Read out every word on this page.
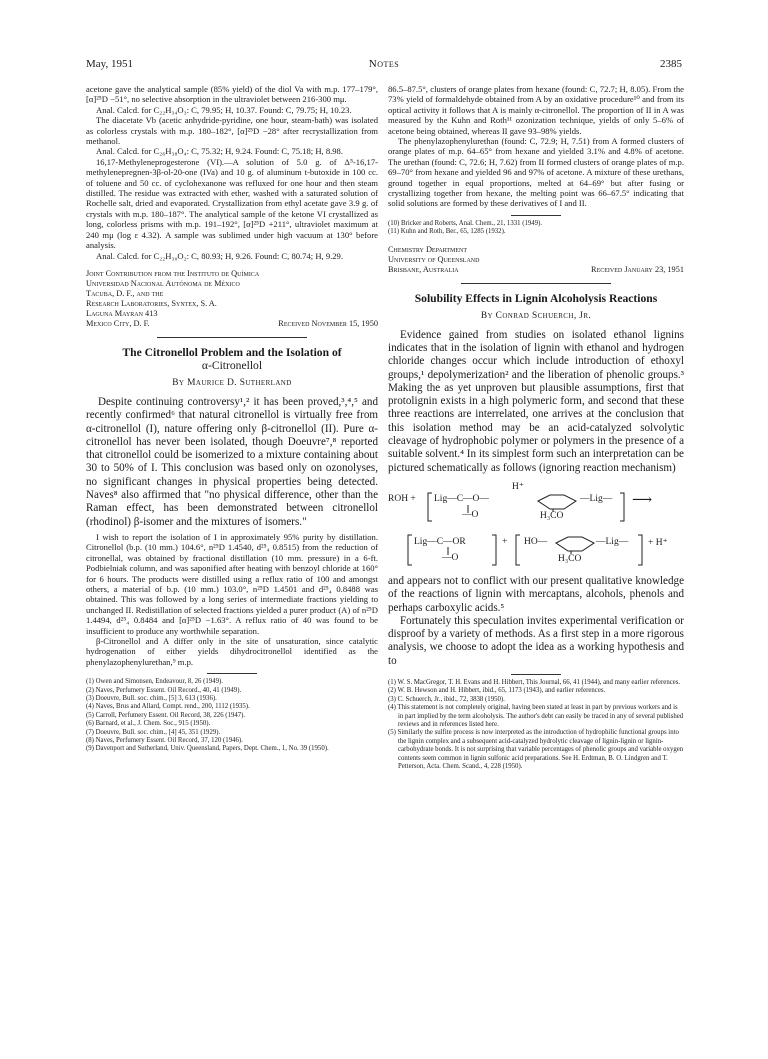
May, 1951	Notes	2385

acetone gave the analytical sample (85% yield) of the diol Va with m.p. 177–179°, [α]²⁵D −51°, no selective absorption in the ultraviolet between 216-300 mμ.

Anal. Calcd. for C₂₂H₃₄O₃: C, 79.95; H, 10.37. Found: C, 79.75; H, 10.23.

The diacetate Vb (acetic anhydride-pyridine, one hour, steam-bath) was isolated as colorless crystals with m.p. 180–182°, [α]²⁵D −28° after recrystallization from methanol.

Anal. Calcd. for C₂₆H₃₈O₄: C, 75.32; H, 9.24. Found: C, 75.18; H, 8.98.

16,17-Methyleneprogesterone (VI).—A solution of 5.0 g. of Δ⁵-16,17-methylenepregnen-3β-ol-20-one (IVa) and 10 g. of aluminum t-butoxide in 100 cc. of toluene and 50 cc. of cyclohexanone was refluxed for one hour and then steam distilled. The residue was extracted with ether, washed with a saturated solution of Rochelle salt, dried and evaporated. Crystallization from ethyl acetate gave 3.9 g. of crystals with m.p. 180–187°. The analytical sample of the ketone VI crystallized as long, colorless prisms with m.p. 191–192°, [α]²⁵D +211°, ultraviolet maximum at 240 mμ (log ε 4.32). A sample was sublimed under high vacuum at 130° before analysis.

Anal. Calcd. for C₂₂H₃₀O₂: C, 80.93; H, 9.26. Found: C, 80.74; H, 9.29.

Joint Contribution from the Instituto de Química
Universidad Nacional Autónoma de México
Tacuba, D. F., and the
Research Laboratories, Syntex, S. A.
Laguna Mayran 413
Mexico City, D. F.	Received November 15, 1950
The Citronellol Problem and the Isolation of
α-Citronellol
By Maurice D. Sutherland

Despite continuing controversy¹,² it has been proved,³,⁴,⁵ and recently confirmed⁶ that natural citronellol is virtually free from α-citronellol (I), nature offering only β-citronellol (II). Pure α-citronellol has never been isolated, though Doeuvre⁷,⁸ reported that citronellol could be isomerized to a mixture containing about 30 to 50% of I. This conclusion was based only on ozonolyses, no significant changes in physical properties being detected. Naves⁸ also affirmed that "no physical difference, other than the Raman effect, has been demonstrated between citronellol (rhodinol) β-isomer and the mixtures of isomers."

I wish to report the isolation of I in approximately 95% purity by distillation. Citronellol (b.p. (10 mm.) 104.6°, n²⁵D 1.4540, d²⁵₄ 0.8515) from the reduction of citronellal, was obtained by fractional distillation (10 mm. pressure) in a 6-ft. Podbielniak column, and was saponified after heating with benzoyl chloride at 160° for 6 hours. The products were distilled using a reflux ratio of 100 and amongst others, a material of b.p. (10 mm.) 103.0°, n²⁵D 1.4501 and d²⁵₄ 0.8488 was obtained. This was followed by a long series of intermediate fractions yielding to unchanged II. Redistillation of selected fractions yielded a purer product (A) of n²⁵D 1.4494, d²⁵₄ 0.8484 and [α]²⁵D −1.63°. A reflux ratio of 40 was found to be insufficient to produce any worthwhile separation.

β-Citronellol and A differ only in the site of unsaturation, since catalytic hydrogenation of either yields dihydrocitronellol identified as the phenylazophenylurethan,⁹ m.p.

(1) Owen and Simonsen, Endeavour, 8, 26 (1949).

(2) Naves, Perfumery Essent. Oil Record., 40, 41 (1949).

(3) Doeuvre, Bull. soc. chim., [5] 3, 613 (1936).

(4) Naves, Brus and Allard, Compt. rend., 200, 1112 (1935).

(5) Carroll, Perfumery Essent. Oil Record, 38, 226 (1947).

(6) Barnard, et al., J. Chem. Soc., 915 (1950).

(7) Doeuvre, Bull. soc. chim., [4] 45, 351 (1929).

(8) Naves, Perfumery Essent. Oil Record, 37, 120 (1946).

(9) Davenport and Sutherland, Univ. Queensland, Papers, Dept. Chem., 1, No. 39 (1950).

86.5–87.5°, clusters of orange plates from hexane (found: C, 72.7; H, 8.05). From the 73% yield of formaldehyde obtained from A by an oxidative procedure¹⁰ and from its optical activity it follows that A is mainly α-citronellol. The proportion of II in A was measured by the Kuhn and Roth¹¹ ozonization technique, yields of only 5–6% of acetone being obtained, whereas II gave 93–98% yields.

The phenylazophenylurethan (found: C, 72.9; H, 7.51) from A formed clusters of orange plates of m.p. 64–65° from hexane and yielded 3.1% and 4.8% of acetone. The urethan (found: C, 72.6; H, 7.62) from II formed clusters of orange plates of m.p. 69–70° from hexane and yielded 96 and 97% of acetone. A mixture of these urethans, ground together in equal proportions, melted at 64–69° but after fusing or crystallizing together from hexane, the melting point was 66–67.5° indicating that solid solutions are formed by these derivatives of I and II.

(10) Bricker and Roberts, Anal. Chem., 21, 1331 (1949).

(11) Kuhn and Roth, Ber., 65, 1285 (1932).

Chemistry Department
University of Queensland
Brisbane, Australia	Received January 23, 1951
Solubility Effects in Lignin Alcoholysis Reactions
By Conrad Schuerch, Jr.

Evidence gained from studies on isolated ethanol lignins indicates that in the isolation of lignin with ethanol and hydrogen chloride changes occur which include introduction of ethoxyl groups,¹ depolymerization² and the liberation of phenolic groups.³ Making the as yet unproven but plausible assumptions, first that protolignin exists in a high polymeric form, and second that these three reactions are interrelated, one arrives at the conclusion that this isolation method may be an acid-catalyzed solvolytic cleavage of hydrophobic polymer or polymers in the presence of a suitable solvent.⁴ In its simplest form such an interpretation can be pictured schematically as follows (ignoring reaction mechanism)

ROH + Lig—C—O—	—Lig—
H⁺
⟶
—O	H₃CO
Lig—C—OR	+ HO—	—Lig— + H⁺
—O	H₃CO

and appears not to conflict with our present qualitative knowledge of the reactions of lignin with mercaptans, alcohols, phenols and perhaps carboxylic acids.⁵

Fortunately this speculation invites experimental verification or disproof by a variety of methods. As a first step in a more rigorous analysis, we choose to adopt the idea as a working hypothesis and to

(1) W. S. MacGregor, T. H. Evans and H. Hibbert, This Journal, 66, 41 (1944), and many earlier references.

(2) W. B. Hewson and H. Hibbert, ibid., 65, 1173 (1943), and earlier references.

(3) C. Schuerch, Jr., ibid., 72, 3838 (1950).

(4) This statement is not completely original, having been stated at least in part by previous workers and is in part implied by the term alcoholysis. The author's debt can easily be traced in any of several published reviews and in references listed here.

(5) Similarly the sulfite process is now interpreted as the introduction of hydrophilic functional groups into the lignin complex and a subsequent acid-catalyzed hydrolytic cleavage of lignin-lignin or lignin-carbohydrate bonds. It is not surprising that variable percentages of phenolic groups and variable oxygen contents seem common in lignin sulfonic acid preparations. See H. Erdtman, B. O. Lindgren and T. Petterson, Acta. Chem. Scand., 4, 228 (1950).
